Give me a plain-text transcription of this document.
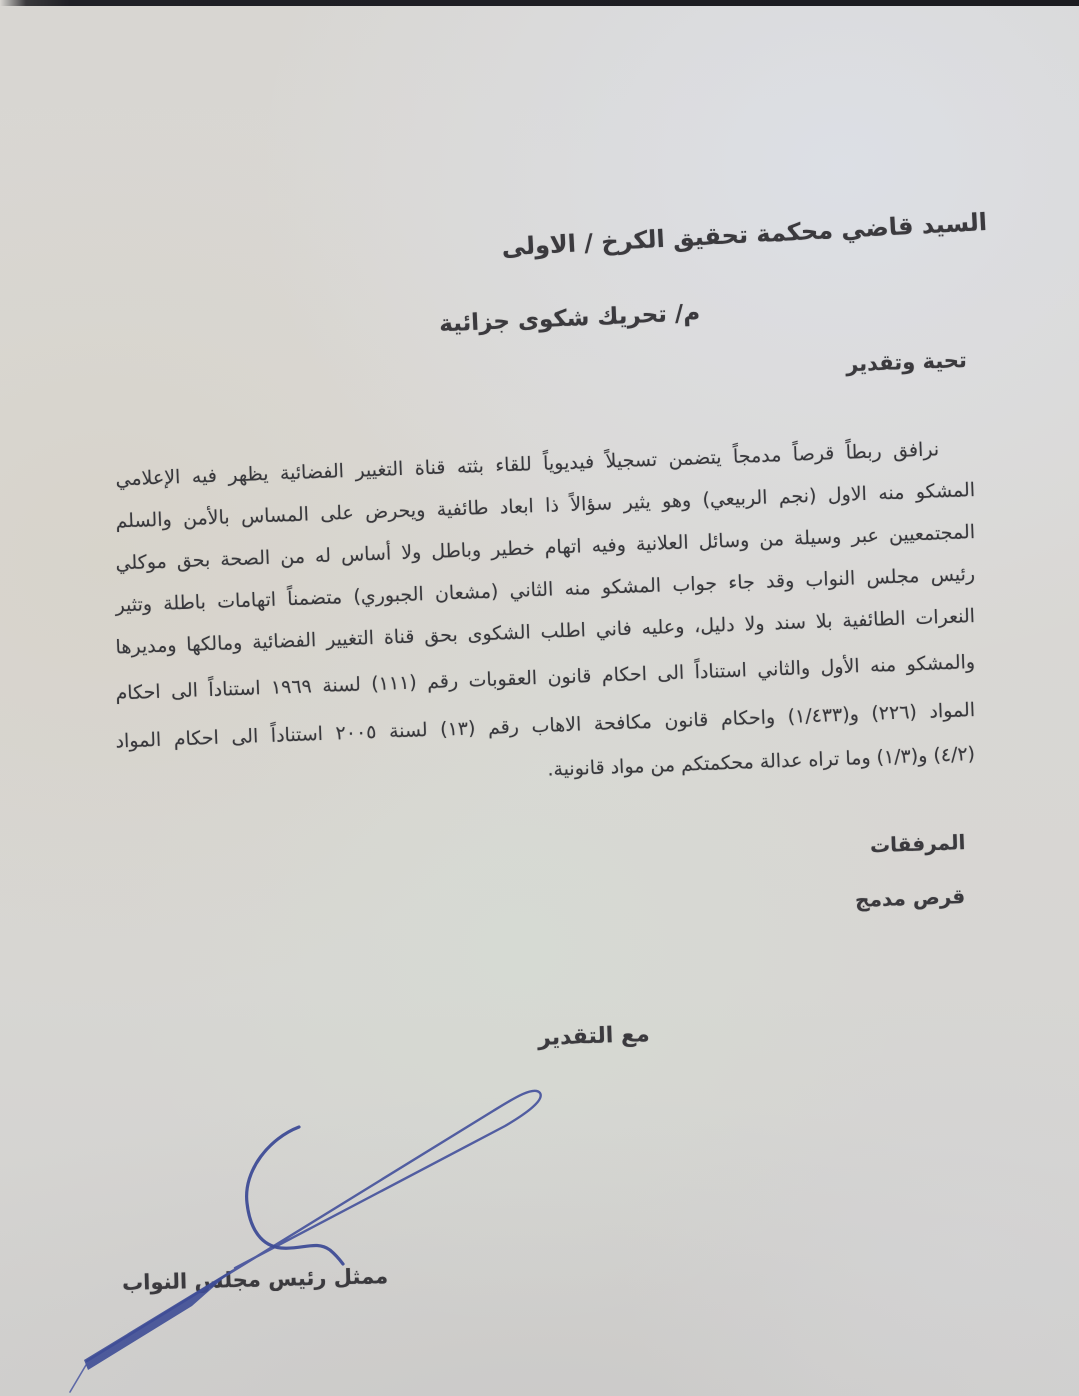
السيد قاضي محكمة تحقيق الكرخ / الاولى
م/ تحريك شكوى جزائية
تحية وتقدير
نرافق ربطاً قرصاً مدمجاً يتضمن تسجيلاً فيديوياً للقاء بثته قناة التغيير الفضائية يظهر فيه الإعلامي
المشكو منه الاول (نجم الربيعي) وهو يثير سؤالاً ذا ابعاد طائفية ويحرض على المساس بالأمن والسلم
المجتمعيين عبر وسيلة من وسائل العلانية وفيه اتهام خطير وباطل ولا أساس له من الصحة بحق موكلي
رئيس مجلس النواب وقد جاء جواب المشكو منه الثاني (مشعان الجبوري) متضمناً اتهامات باطلة وتثير
النعرات الطائفية بلا سند ولا دليل، وعليه فاني اطلب الشكوى بحق قناة التغيير الفضائية ومالكها ومديرها
والمشكو منه الأول والثاني استناداً الى احكام قانون العقوبات رقم (١١١) لسنة ١٩٦٩ استناداً الى احكام
المواد (٢٢٦) و(١/٤٣٣) واحكام قانون مكافحة الاهاب رقم (١٣) لسنة ٢٠٠٥ استناداً الى احكام المواد
(٤/٢) و(١/٣) وما تراه عدالة محكمتكم من مواد قانونية.
المرفقات
قرص مدمج
مع التقدير
ممثل رئيس مجلس النواب
